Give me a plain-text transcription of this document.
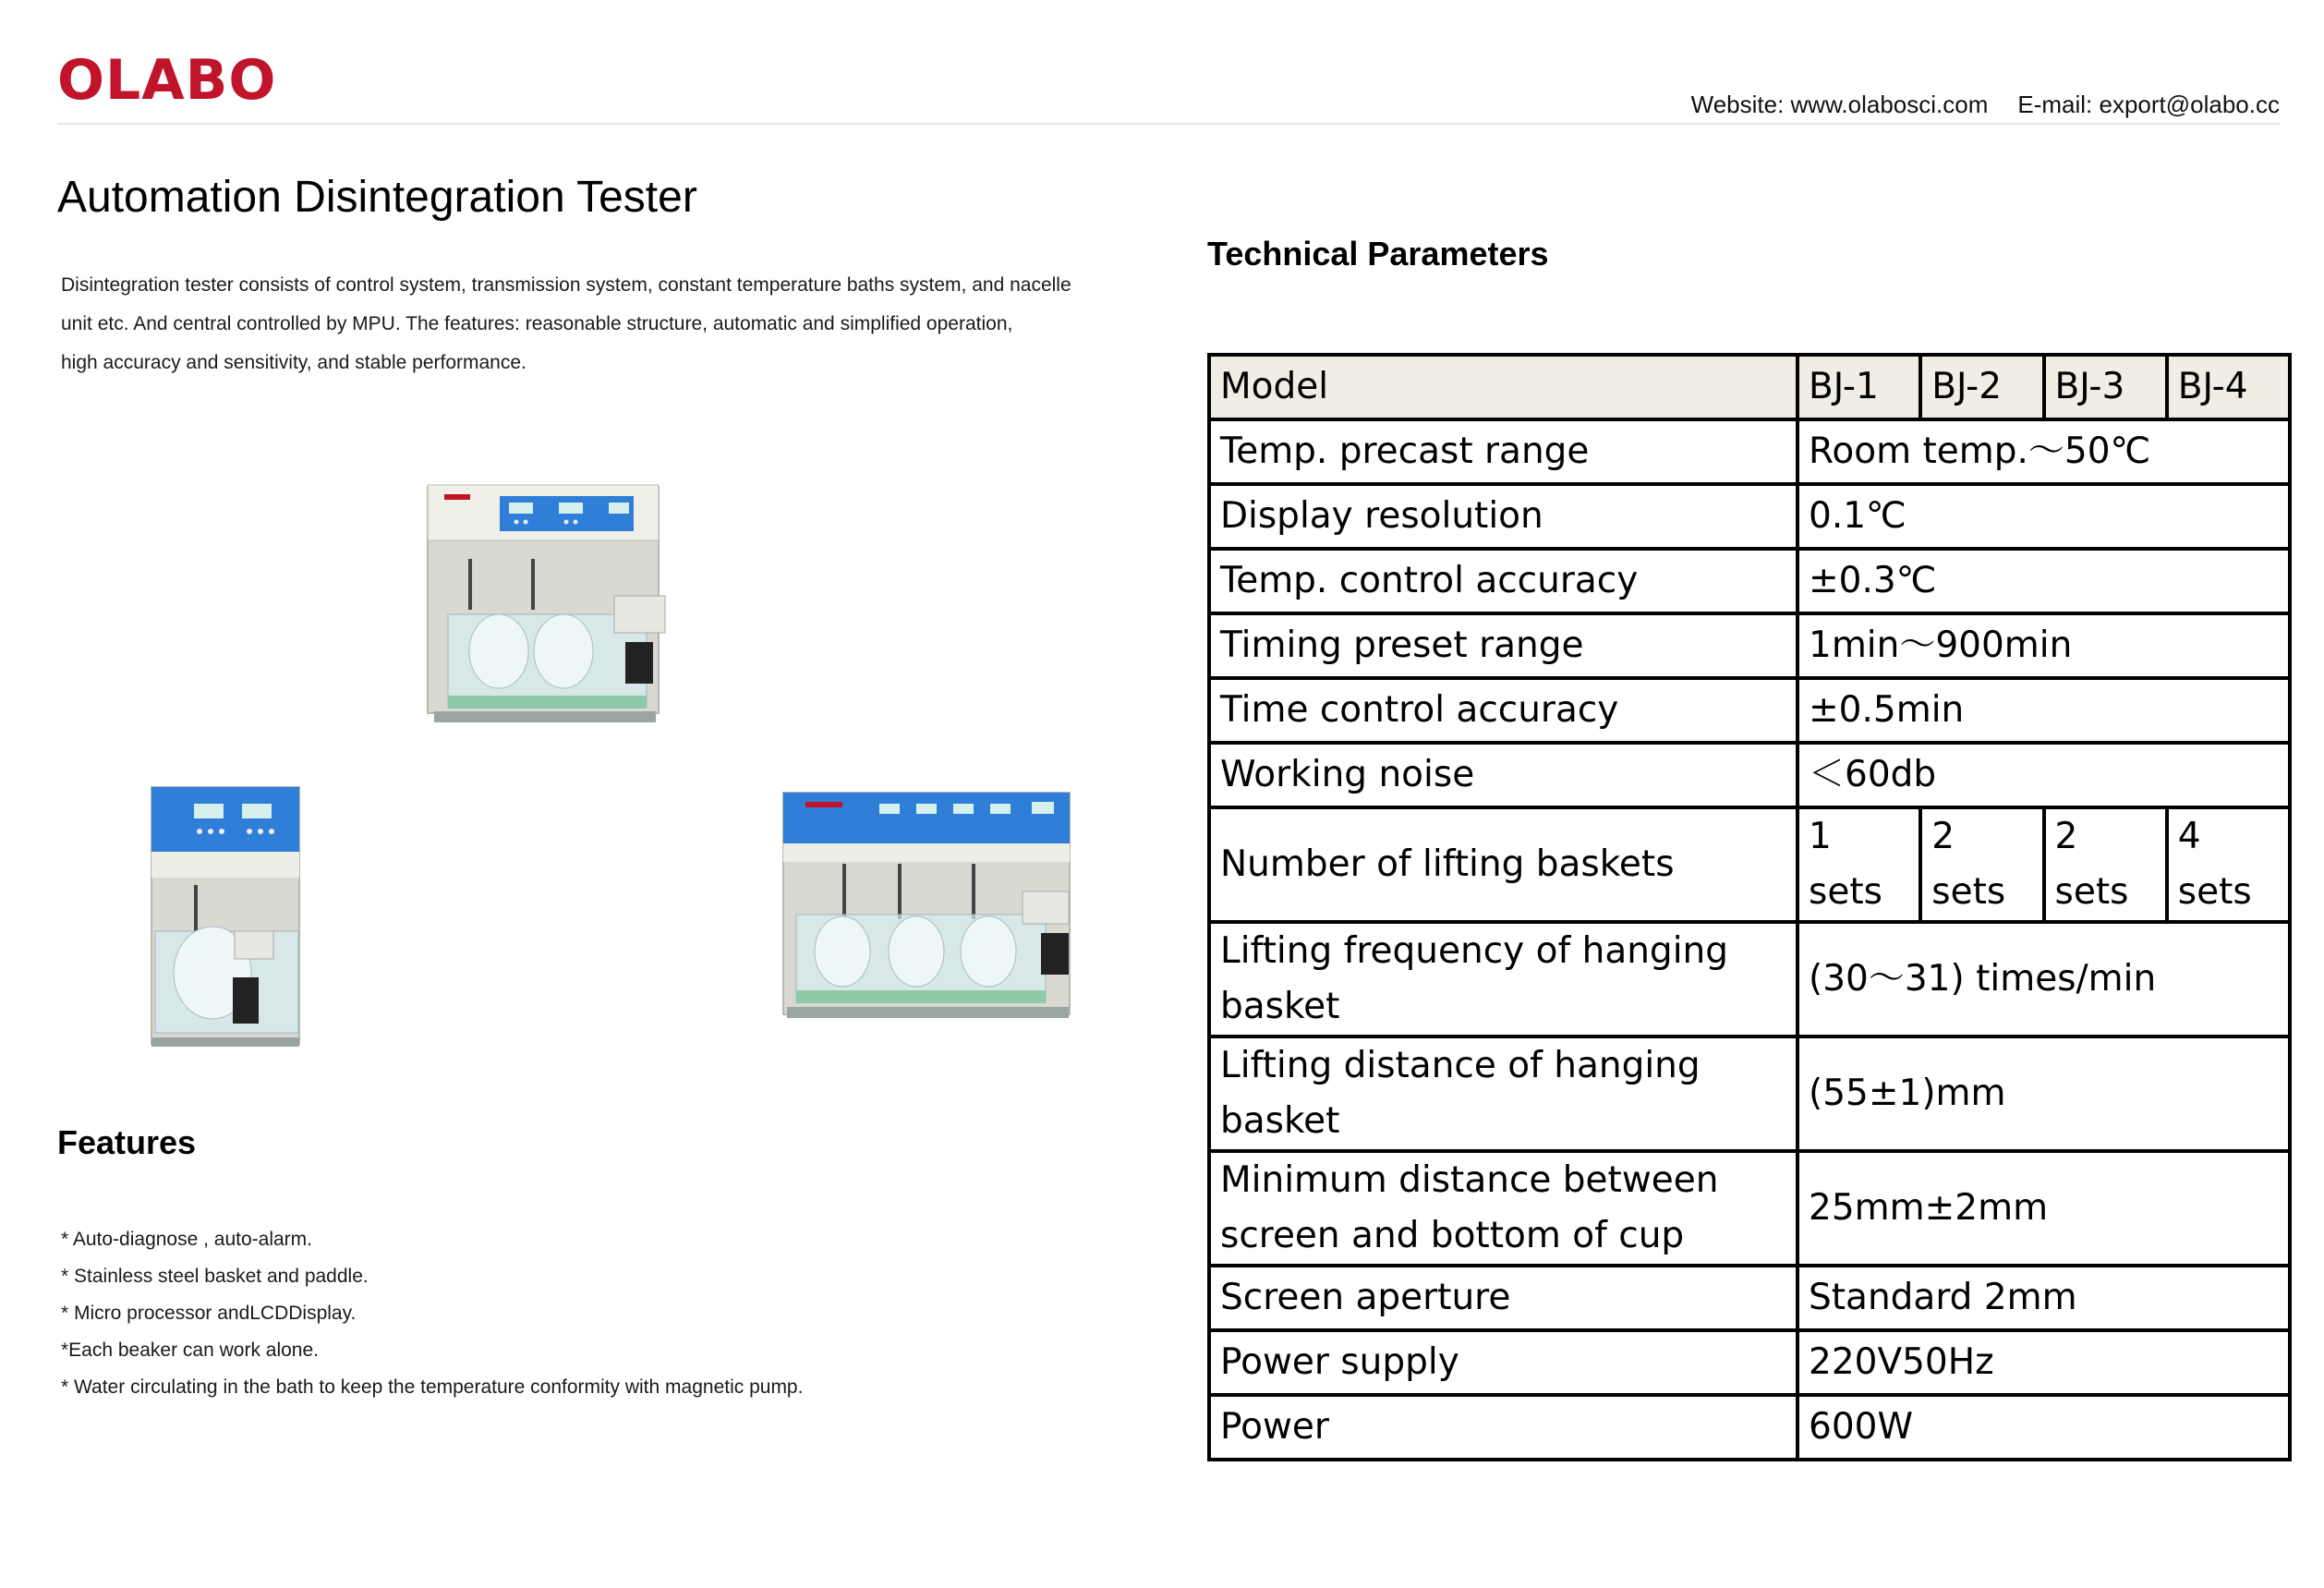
OLABO	Website: www.olabosci.com E-mail: export@olabo.cc
Automation Disintegration Tester

Disintegration tester consists of control system, transmission system, constant temperature baths system, and nacelle

unit etc. And central controlled by MPU. The features: reasonable structure, automatic and simplified operation,

high accuracy and sensitivity, and stable performance.

Features
* Auto-diagnose , auto-alarm.
* Stainless steel basket and paddle.
* Micro processor andLCDDisplay.
*Each beaker can work alone.
* Water circulating in the bath to keep the temperature conformity with magnetic pump.
Technical Parameters
Model	BJ-1	BJ-2	BJ-3	BJ-4
Temp. precast range	Room temp.～50℃			
Display resolution	0.1℃			
Temp. control accuracy	±0.3℃			
Timing preset range	1min～900min			
Time control accuracy	±0.5min			
Working noise	＜60db			
Number of lifting baskets	1 sets	2 sets	2 sets	4 sets
Lifting frequency of hanging basket	(30～31) times/min			
Lifting distance of hanging basket	(55±1)mm			
Minimum distance between screen and bottom of cup	25mm±2mm			
Screen aperture	Standard 2mm			
Power supply	220V50Hz			
Power	600W			
